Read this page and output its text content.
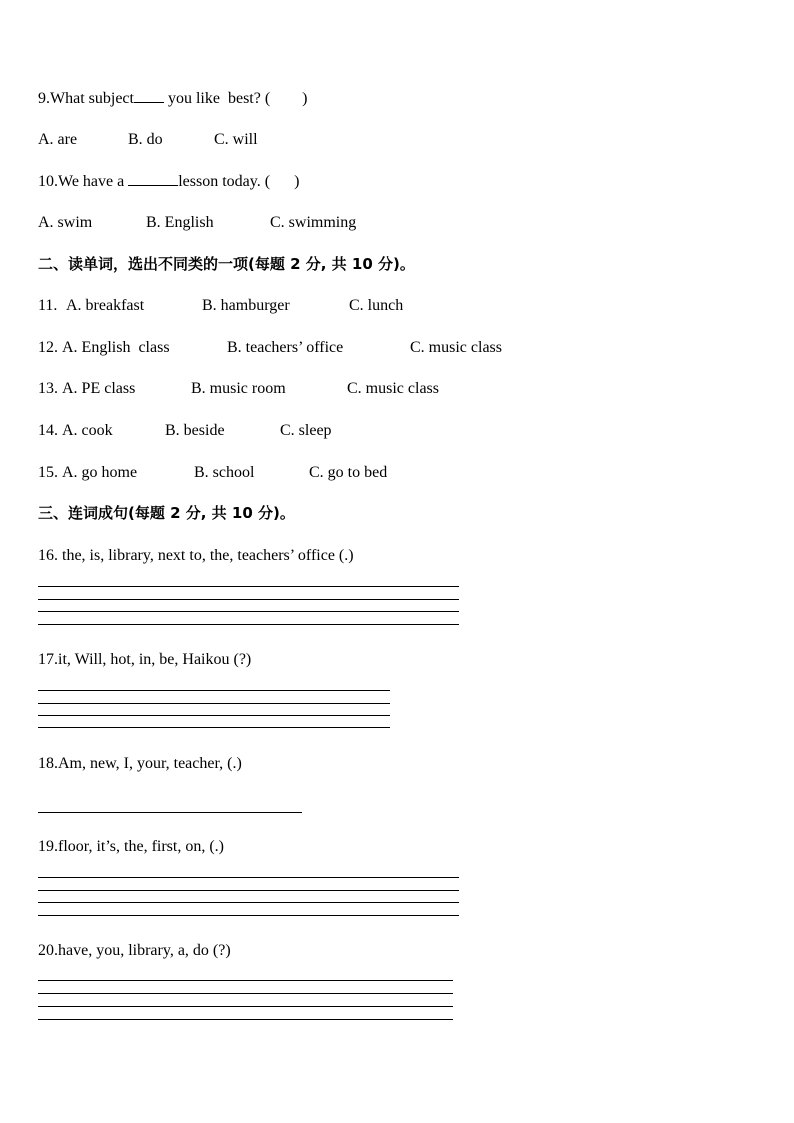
9.What subject you like  best? (        )
A. are	B. do	C. will
10.We have a	lesson today. (      )
A. swim	B. English	C. swimming
二、读单词，选出不同类的一项(每题 2 分, 共 10 分)。
11. A. breakfast	B. hamburger	C. lunch
12. A. English  class	B. teachers’ office	C. music class
13. A. PE class	B. music room	C. music class
14. A. cook	B. beside	C. sleep
15. A. go home	B. school	C. go to bed
三、连词成句(每题 2 分, 共 10 分)。
16. the, is, library, next to, the, teachers’ office (.)
17.it, Will, hot, in, be, Haikou (?)
18.Am, new, I, your, teacher, (.)
19.floor, it’s, the, first, on, (.)
20.have, you, library, a, do (?)
